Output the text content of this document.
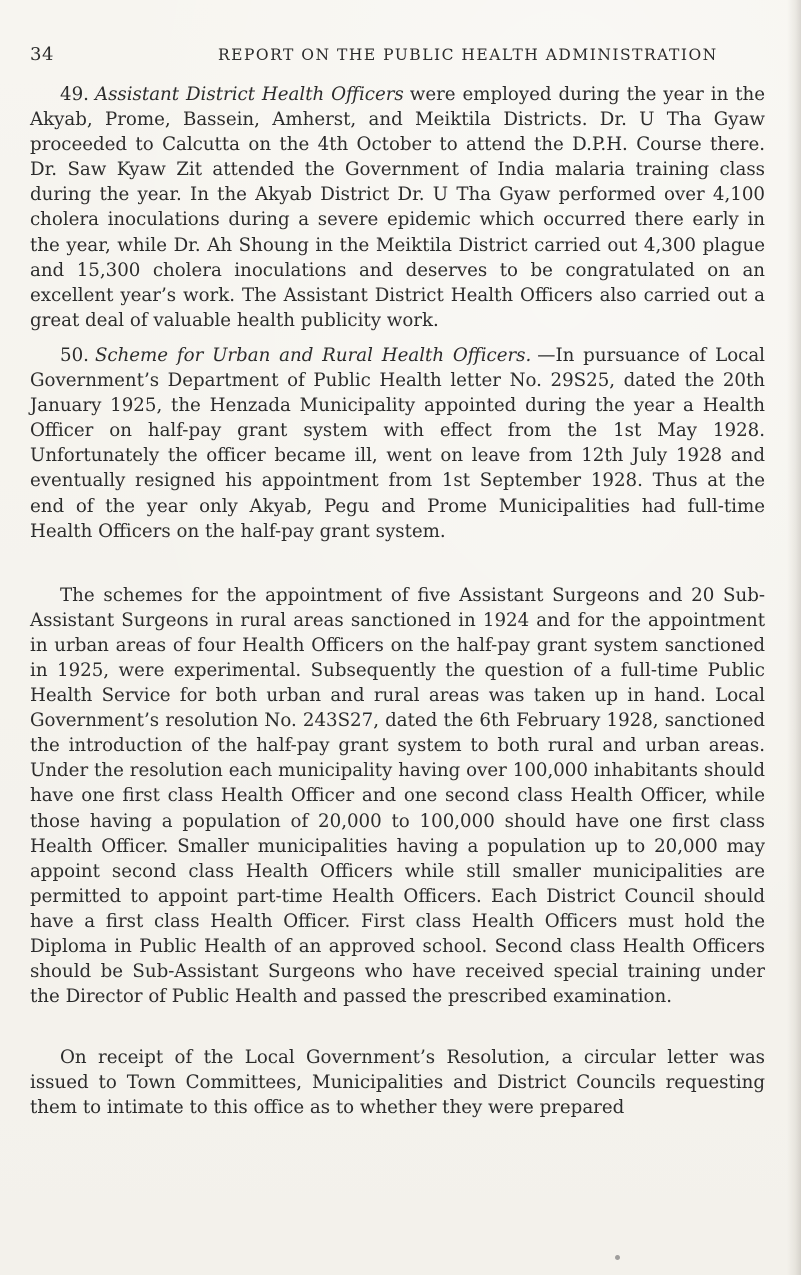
34	REPORT ON THE PUBLIC HEALTH ADMINISTRATION

49. Assistant District Health Officers were employed during the year in the Akyab, Prome, Bassein, Amherst, and Meiktila Districts. Dr. U Tha Gyaw proceeded to Calcutta on the 4th October to attend the D.P.H. Course there. Dr. Saw Kyaw Zit attended the Government of India malaria training class during the year. In the Akyab District Dr. U Tha Gyaw performed over 4,100 cholera inoculations during a severe epidemic which occurred there early in the year, while Dr. Ah Shoung in the Meiktila District carried out 4,300 plague and 15,300 cholera inoculations and deserves to be congratulated on an excellent year’s work. The Assistant District Health Officers also carried out a great deal of valuable health publicity work.

50. Scheme for Urban and Rural Health Officers. —In pursuance of Local Government’s Department of Public Health letter No. 29S25, dated the 20th January 1925, the Henzada Municipality appointed during the year a Health Officer on half-pay grant system with effect from the 1st May 1928. Unfortunately the officer became ill, went on leave from 12th July 1928 and eventually resigned his appointment from 1st September 1928. Thus at the end of the year only Akyab, Pegu and Prome Municipalities had full-time Health Officers on the half-pay grant system.

The schemes for the appointment of five Assistant Surgeons and 20 Sub-Assistant Surgeons in rural areas sanctioned in 1924 and for the appointment in urban areas of four Health Officers on the half-pay grant system sanctioned in 1925, were experimental. Subsequently the question of a full-time Public Health Service for both urban and rural areas was taken up in hand. Local Government’s resolution No. 243S27, dated the 6th February 1928, sanctioned the introduction of the half-pay grant system to both rural and urban areas. Under the resolution each municipality having over 100,000 inhabitants should have one first class Health Officer and one second class Health Officer, while those having a population of 20,000 to 100,000 should have one first class Health Officer. Smaller municipalities having a population up to 20,000 may appoint second class Health Officers while still smaller municipalities are permitted to appoint part-time Health Officers. Each District Council should have a first class Health Officer. First class Health Officers must hold the Diploma in Public Health of an approved school. Second class Health Officers should be Sub-Assistant Surgeons who have received special training under the Director of Public Health and passed the prescribed examination.

On receipt of the Local Government’s Resolution, a circular letter was issued to Town Committees, Municipalities and District Councils requesting them to intimate to this office as to whether they were prepared
